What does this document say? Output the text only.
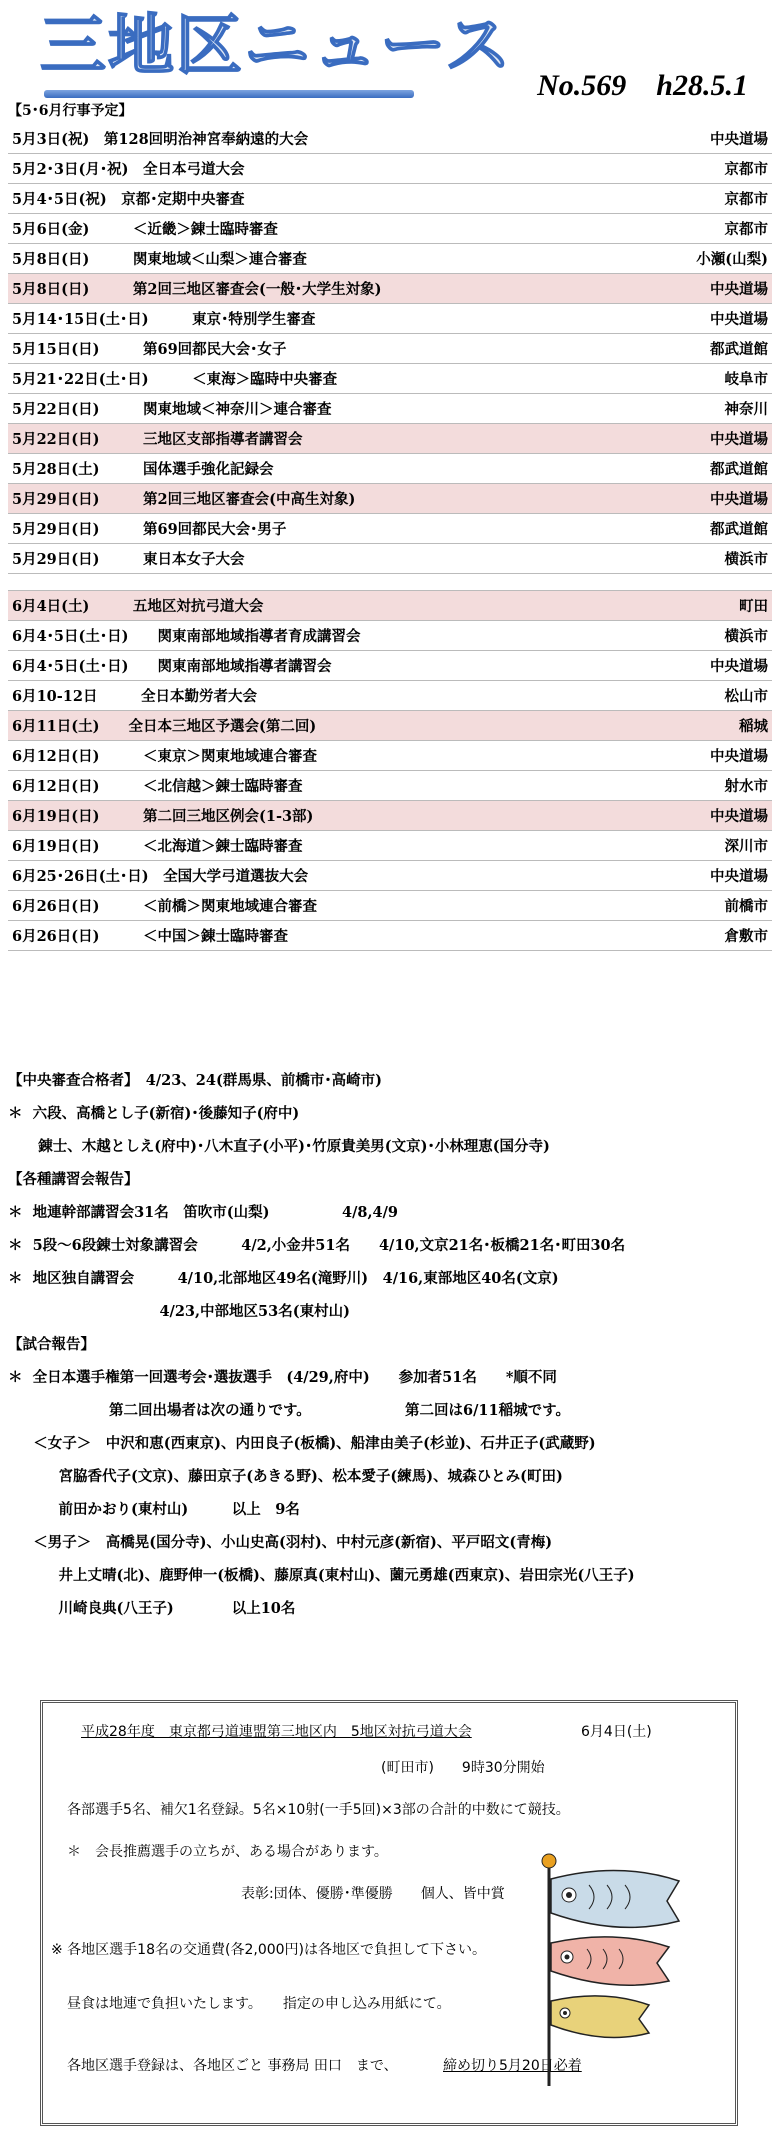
三地区ニュース
No.569　h28.5.1
【5･6月行事予定】
5月3日(祝)　 第128回明治神宮奉納遠的大会	中央道場
5月2･3日(月･祝)　 全日本弓道大会	京都市
5月4･5日(祝)　 京都･定期中央審査	京都市
5月6日(金)　　　＜近畿＞錬士臨時審査	京都市
5月8日(日)　　　関東地域＜山梨＞連合審査	小瀬(山梨)
5月8日(日)　　　第2回三地区審査会(一般･大学生対象)	中央道場
5月14･15日(土･日)　　　東京･特別学生審査	中央道場
5月15日(日)　　　第69回都民大会･女子	都武道館
5月21･22日(土･日)　　　＜東海＞臨時中央審査	岐阜市
5月22日(日)　　　関東地域＜神奈川＞連合審査	神奈川
5月22日(日)　　　三地区支部指導者講習会	中央道場
5月28日(土)　　　国体選手強化記録会	都武道館
5月29日(日)　　　第2回三地区審査会(中高生対象)	中央道場
5月29日(日)　　　第69回都民大会･男子	都武道館
5月29日(日)　　　東日本女子大会	横浜市
6月4日(土)　　　五地区対抗弓道大会	町田
6月4･5日(土･日)　　関東南部地域指導者育成講習会	横浜市
6月4･5日(土･日)　　関東南部地域指導者講習会	中央道場
6月10-12日　　　全日本勤労者大会	松山市
6月11日(土)　　全日本三地区予選会(第二回)	稲城
6月12日(日)　　　＜東京＞関東地域連合審査	中央道場
6月12日(日)　　　＜北信越＞錬士臨時審査	射水市
6月19日(日)　　　第二回三地区例会(1-3部)	中央道場
6月19日(日)　　　＜北海道＞錬士臨時審査	深川市
6月25･26日(土･日)　 全国大学弓道選抜大会	中央道場
6月26日(日)　　　＜前橋＞関東地域連合審査	前橋市
6月26日(日)　　　＜中国＞錬士臨時審査	倉敷市
【中央審査合格者】　4/23、24(群馬県、前橋市･高崎市)
＊  六段、高橋とし子(新宿)･後藤知子(府中)
錬士、木越としえ(府中)･八木直子(小平)･竹原貴美男(文京)･小林理恵(国分寺)
【各種講習会報告】
＊  地連幹部講習会31名　笛吹市(山梨)　　　　　4/8,4/9
＊  5段～6段錬士対象講習会　　　4/2,小金井51名　　4/10,文京21名･板橋21名･町田30名
＊  地区独自講習会　　　4/10,北部地区49名(滝野川)　4/16,東部地区40名(文京)
4/23,中部地区53名(東村山)
【試合報告】
＊  全日本選手権第一回選考会･選抜選手　(4/29,府中)　　参加者51名　　*順不同
第二回出場者は次の通りです。　　　　　　　第二回は6/11稲城です。
＜女子＞　中沢和恵(西東京)、内田良子(板橋)、船津由美子(杉並)、石井正子(武蔵野)
宮脇香代子(文京)、藤田京子(あきる野)、松本愛子(練馬)、城森ひとみ(町田)
前田かおり(東村山)　　　以上　9名
＜男子＞　高橋晃(国分寺)、小山史高(羽村)、中村元彦(新宿)、平戸昭文(青梅)
井上丈晴(北)、鹿野伸一(板橋)、藤原真(東村山)、薗元勇雄(西東京)、岩田宗光(八王子)
川崎良典(八王子)　　　　以上10名
平成28年度　東京都弓道連盟第三地区内　5地区対抗弓道大会	6月4日(土)
(町田市)　　9時30分開始
各部選手5名、補欠1名登録。5名×10射(一手5回)×3部の合計的中数にて競技。
＊　会長推薦選手の立ちが、ある場合があります。
表彰:団体、優勝･準優勝　　個人、皆中賞
※ 各地区選手18名の交通費(各2,000円)は各地区で負担して下さい。
昼食は地連で負担いたします。　　指定の申し込み用紙にて。
各地区選手登録は、各地区ごと 事務局 田口　まで、	締め切り5月20日必着
